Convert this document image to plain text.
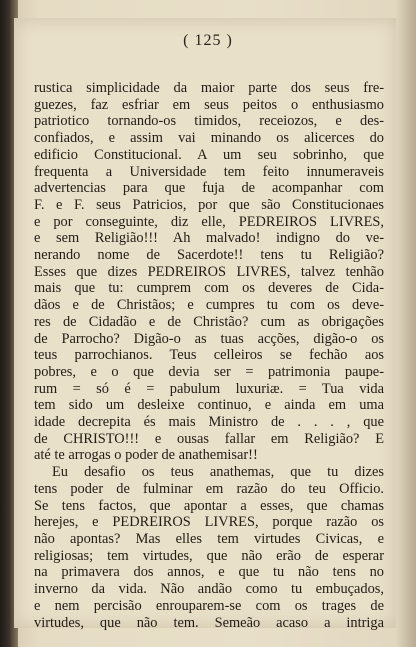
( 125 )
rustica simplicidade da maior parte dos seus fre-
guezes, faz esfriar em seus peitos o enthusiasmo
patriotico tornando-os timidos, receiozos, e des-
confiados, e assim vai minando os alicerces do
edificio Constitucional. A um seu sobrinho, que
frequenta a Universidade tem feito innumeraveis
advertencias para que fuja de acompanhar com
F. e F. seus Patricios, por que são Constitucionaes
e por conseguinte, diz elle, PEDREIROS LIVRES,
e sem Religião!!! Ah malvado! indigno do ve-
nerando nome de Sacerdote!! tens tu Religião?
Esses que dizes PEDREIROS LIVRES, talvez tenhão
mais que tu: cumprem com os deveres de Cida-
dãos e de Christãos; e cumpres tu com os deve-
res de Cidadão e de Christão? cum as obrigações
de Parrocho? Digão-o as tuas acções, digão-o os
teus parrochianos. Teus celleiros se fechão aos
pobres, e o que devia ser = patrimonia paupe-
rum = só é = pabulum luxuriæ. = Tua vida
tem sido um desleixe continuo, e ainda em uma
idade decrepita és mais Ministro de . . . , que
de CHRISTO!!! e ousas fallar em Religião? E
até te arrogas o poder de anathemisar!!
Eu desafio os teus anathemas, que tu dizes
tens poder de fulminar em razão do teu Officio.
Se tens factos, que apontar a esses, que chamas
herejes, e PEDREIROS LIVRES, porque razão os
não apontas? Mas elles tem virtudes Civicas, e
religiosas; tem virtudes, que não erão de esperar
na primavera dos annos, e que tu não tens no
inverno da vida. Não andão como tu embuçados,
e nem percisão enrouparem-se com os trages de
virtudes, que não tem. Semeão acaso a intriga
